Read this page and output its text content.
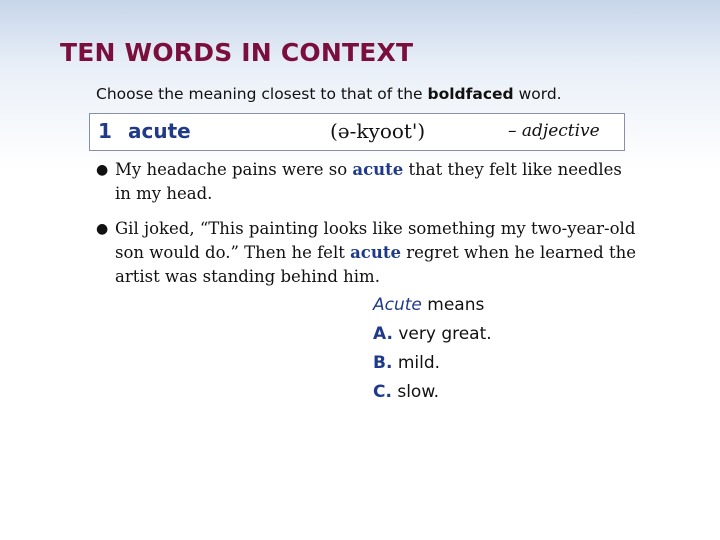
TEN WORDS IN CONTEXT
Choose the meaning closest to that of the boldfaced word.
1 acute	(ə-kyoot')	– adjective
● My headache pains were so acute that they felt like needles in my head.
● Gil joked, “This painting looks like something my two-year-old son would do.” Then he felt acute regret when he learned the artist was standing behind him.
Acute means
A. very great.
B. mild.
C. slow.
